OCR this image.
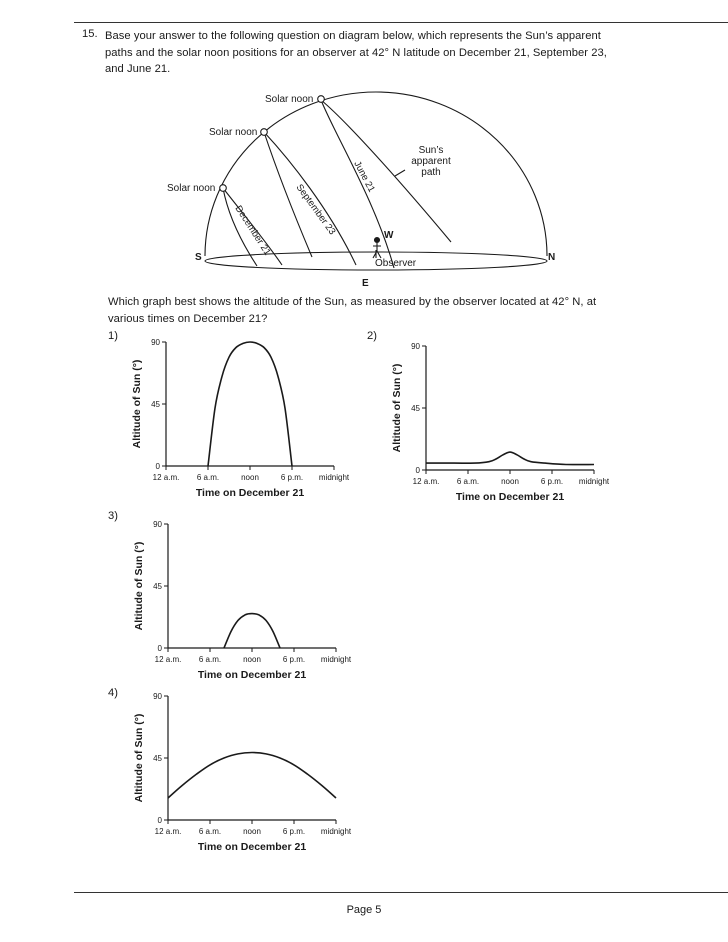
15. Base your answer to the following question on diagram below, which represents the Sun’s apparent
paths and the solar noon positions for an observer at 42° N latitude on December 21, September 23,
and June 21.
Solar noon
Solar noon
Solar noon	June 21
September 23
December 21
Sun’s
apparent
path
S	N
E
W
Observer
Which graph best shows the altitude of the Sun, as measured by the observer located at 42° N, at
various times on December 21?
1)	2)
3)
4)
0
45
90
12 a.m. 6 a.m.	noon	6 p.m. midnight
Time on December 21
Altitude of Sun (°)
0
45
90
12 a.m. 6 a.m.	noon	6 p.m. midnight
Time on December 21
Altitude of Sun (°)
0
45
90
12 a.m. 6 a.m.	noon	6 p.m. midnight
Time on December 21
Altitude of Sun (°)
0
45
90
12 a.m. 6 a.m.	noon	6 p.m. midnight
Time on December 21
Altitude of Sun (°)
Page 5
